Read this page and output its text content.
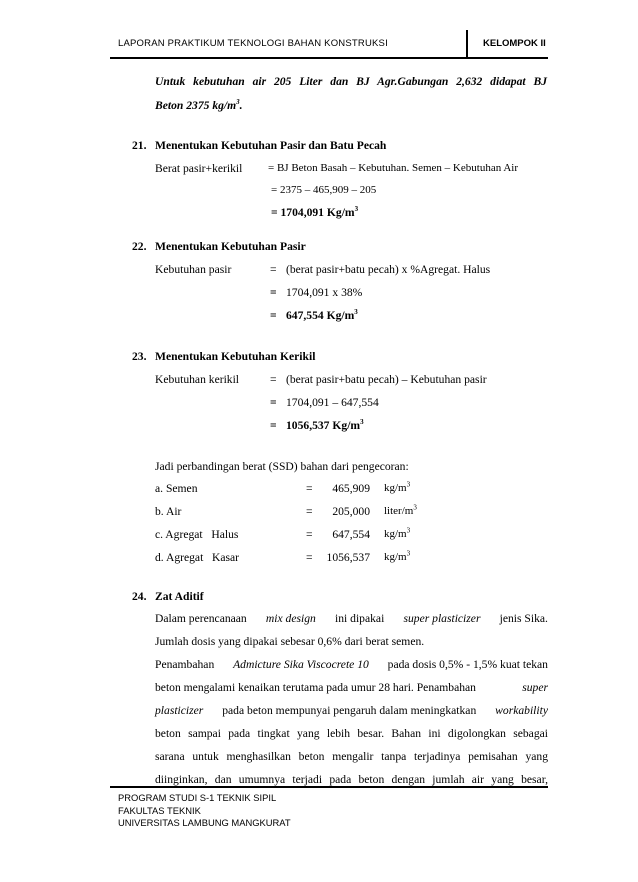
LAPORAN PRAKTIKUM TEKNOLOGI BAHAN KONSTRUKSI	KELOMPOK II
Untuk kebutuhan air 205 Liter dan BJ Agr.Gabungan 2,632 didapat BJ
Beton 2375 $kg/m^3$.
21. Menentukan Kebutuhan Pasir dan Batu Pecah
Berat pasir+kerikil = BJ Beton Basah – Kebutuhan. Semen – Kebutuhan Air
= 2375 – 465,909 – 205
= 1704,091 $Kg/m^3$
22. Menentukan Kebutuhan Pasir
Kebutuhan pasir	= (berat pasir+batu pecah) x %Agregat. Halus
= 1704,091 x 38%
= 647,554 $Kg/m^3$
23. Menentukan Kebutuhan Kerikil
Kebutuhan kerikil	= (berat pasir+batu pecah) – Kebutuhan pasir
= 1704,091 – 647,554
= 1056,537 $Kg/m^3$
Jadi perbandingan berat (SSD) bahan dari pengecoran:
a. Semen	=	465,909 $kg/m^3$
b. Air	=	205,000 liter/$m^3$
c. Agregat   Halus	=	647,554 $kg/m^3$
d. Agregat   Kasar	=	1056,537 $kg/m^3$
24. Zat Aditif
Dalam perencanaan mix design ini dipakai super plasticizer jenis Sika.
Jumlah dosis yang dipakai sebesar 0,6% dari berat semen.
Penambahan Admicture Sika Viscocrete 10 pada dosis 0,5% - 1,5% kuat tekan
beton mengalami kenaikan terutama pada umur 28 hari. Penambahan	super
plasticizer pada beton mempunyai pengaruh dalam meningkatkan workability
beton sampai pada tingkat yang lebih besar. Bahan ini digolongkan sebagai
sarana untuk menghasilkan beton mengalir tanpa terjadinya pemisahan yang
diinginkan, dan umumnya terjadi pada beton dengan jumlah air yang besar,
PROGRAM STUDI S-1 TEKNIK SIPIL
FAKULTAS TEKNIK
UNIVERSITAS LAMBUNG MANGKURAT
